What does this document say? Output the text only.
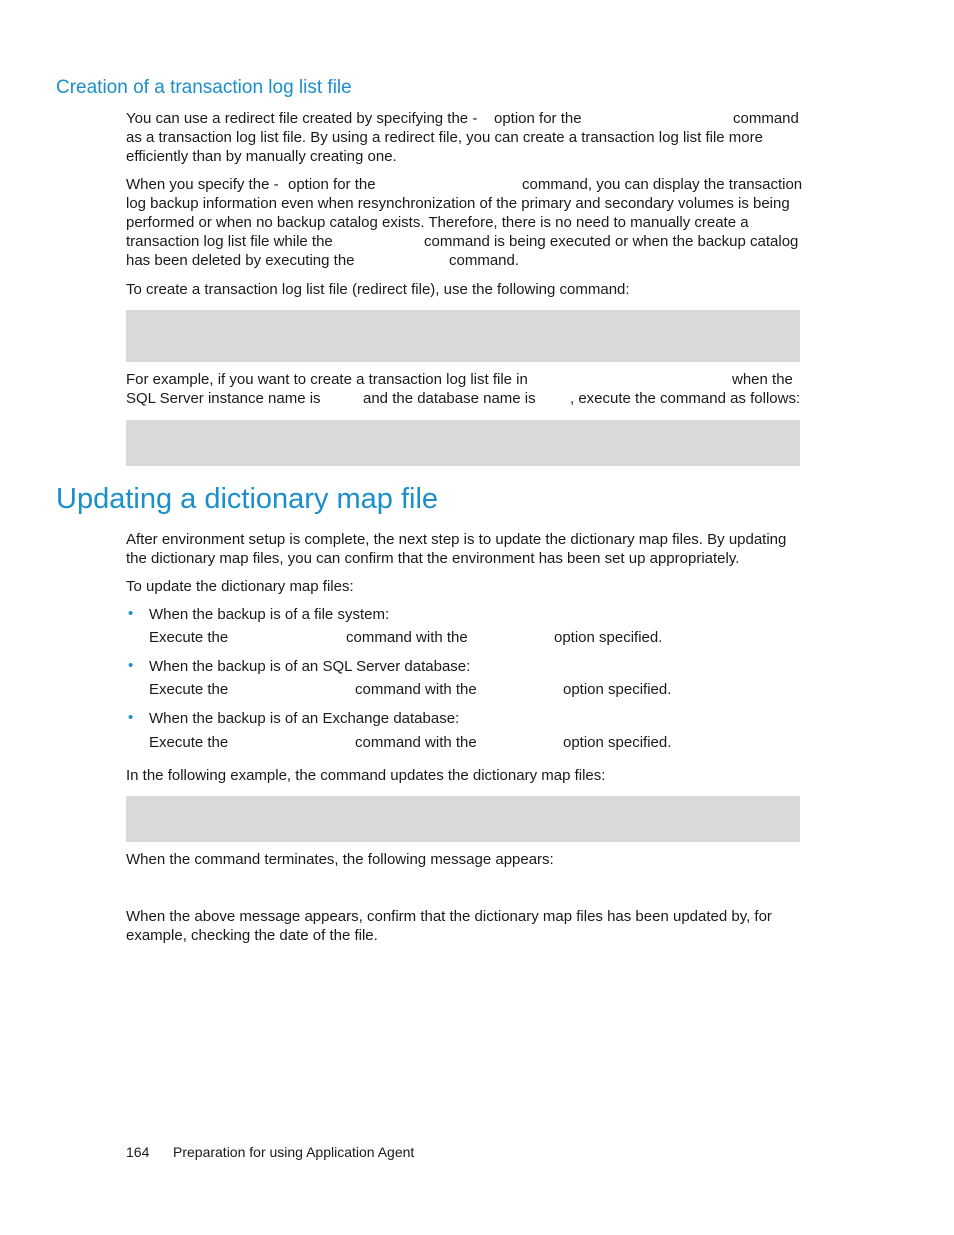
Creation of a transaction log list file
You can use a redirect file created by specifying the - option for the	command
as a transaction log list file. By using a redirect file, you can create a transaction log list file more
efficiently than by manually creating one.
When you specify the - option for the	command, you can display the transaction
log backup information even when resynchronization of the primary and secondary volumes is being
performed or when no backup catalog exists. Therefore, there is no need to manually create a
transaction log list file while the	command is being executed or when the backup catalog
has been deleted by executing the	command.
To create a transaction log list file (redirect file), use the following command:
For example, if you want to create a transaction log list file in	when the
SQL Server instance name is	and the database name is , execute the command as follows:
Updating a dictionary map file
After environment setup is complete, the next step is to update the dictionary map files. By updating
the dictionary map files, you can confirm that the environment has been set up appropriately.
To update the dictionary map files:
• When the backup is of a file system:
Execute the	command with the	option specified.
• When the backup is of an SQL Server database:
Execute the	command with the	option specified.
• When the backup is of an Exchange database:
Execute the	command with the	option specified.
In the following example, the command updates the dictionary map files:
When the command terminates, the following message appears:
When the above message appears, confirm that the dictionary map files has been updated by, for
example, checking the date of the file.
164 Preparation for using Application Agent
